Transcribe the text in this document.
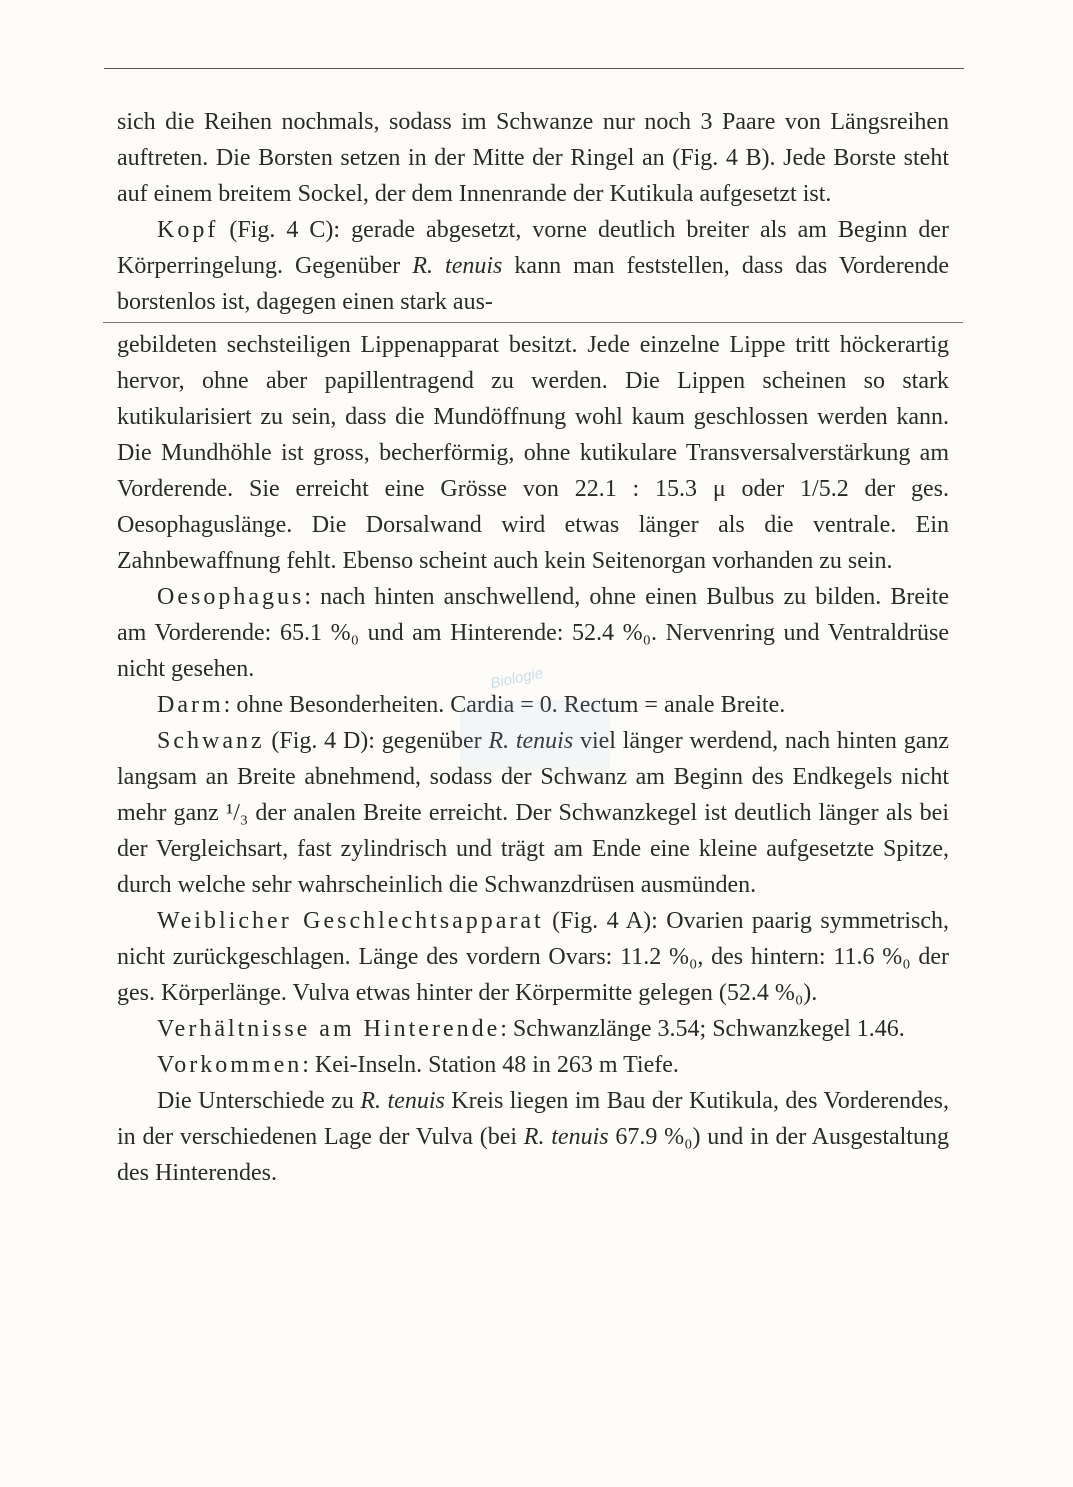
sich die Reihen nochmals, sodass im Schwanze nur noch 3 Paare von Längsreihen auftreten. Die Borsten setzen in der Mitte der Ringel an (Fig. 4 B). Jede Borste steht auf einem breitem Sockel, der dem Innenrande der Kutikula aufgesetzt ist.

Kopf (Fig. 4 C): gerade abgesetzt, vorne deutlich breiter als am Beginn der Körperringelung. Gegenüber R. tenuis kann man feststellen, dass das Vorderende borstenlos ist, dagegen einen stark aus-

gebildeten sechsteiligen Lippenapparat besitzt. Jede einzelne Lippe tritt höckerartig hervor, ohne aber papillentragend zu werden. Die Lippen scheinen so stark kutikularisiert zu sein, dass die Mundöffnung wohl kaum geschlossen werden kann. Die Mundhöhle ist gross, becherförmig, ohne kutikulare Transversalverstärkung am Vorderende. Sie erreicht eine Grösse von 22.1 : 15.3 μ oder 1/5.2 der ges. Oesophaguslänge. Die Dorsalwand wird etwas länger als die ventrale. Ein Zahnbewaffnung fehlt. Ebenso scheint auch kein Seitenorgan vorhanden zu sein.

Oesophagus: nach hinten anschwellend, ohne einen Bulbus zu bilden. Breite am Vorderende: 65.1 %₀ und am Hinterende: 52.4 %₀. Nervenring und Ventraldrüse nicht gesehen.

Darm: ohne Besonderheiten. Cardia = 0. Rectum = anale Breite.

Schwanz (Fig. 4 D): gegenüber R. tenuis viel länger werdend, nach hinten ganz langsam an Breite abnehmend, sodass der Schwanz am Beginn des Endkegels nicht mehr ganz ¹/₃ der analen Breite erreicht. Der Schwanzkegel ist deutlich länger als bei der Vergleichsart, fast zylindrisch und trägt am Ende eine kleine aufgesetzte Spitze, durch welche sehr wahrscheinlich die Schwanzdrüsen ausmünden.

Weiblicher Geschlechtsapparat (Fig. 4 A): Ovarien paarig symmetrisch, nicht zurückgeschlagen. Länge des vordern Ovars: 11.2 %₀, des hintern: 11.6 %₀ der ges. Körperlänge. Vulva etwas hinter der Körpermitte gelegen (52.4 %₀).

Verhältnisse am Hinterende: Schwanzlänge 3.54; Schwanzkegel 1.46.

Vorkommen: Kei-Inseln. Station 48 in 263 m Tiefe.

Die Unterschiede zu R. tenuis Kreis liegen im Bau der Kutikula, des Vorderendes, in der verschiedenen Lage der Vulva (bei R. tenuis 67.9 %₀) und in der Ausgestaltung des Hinterendes.

Biologie
